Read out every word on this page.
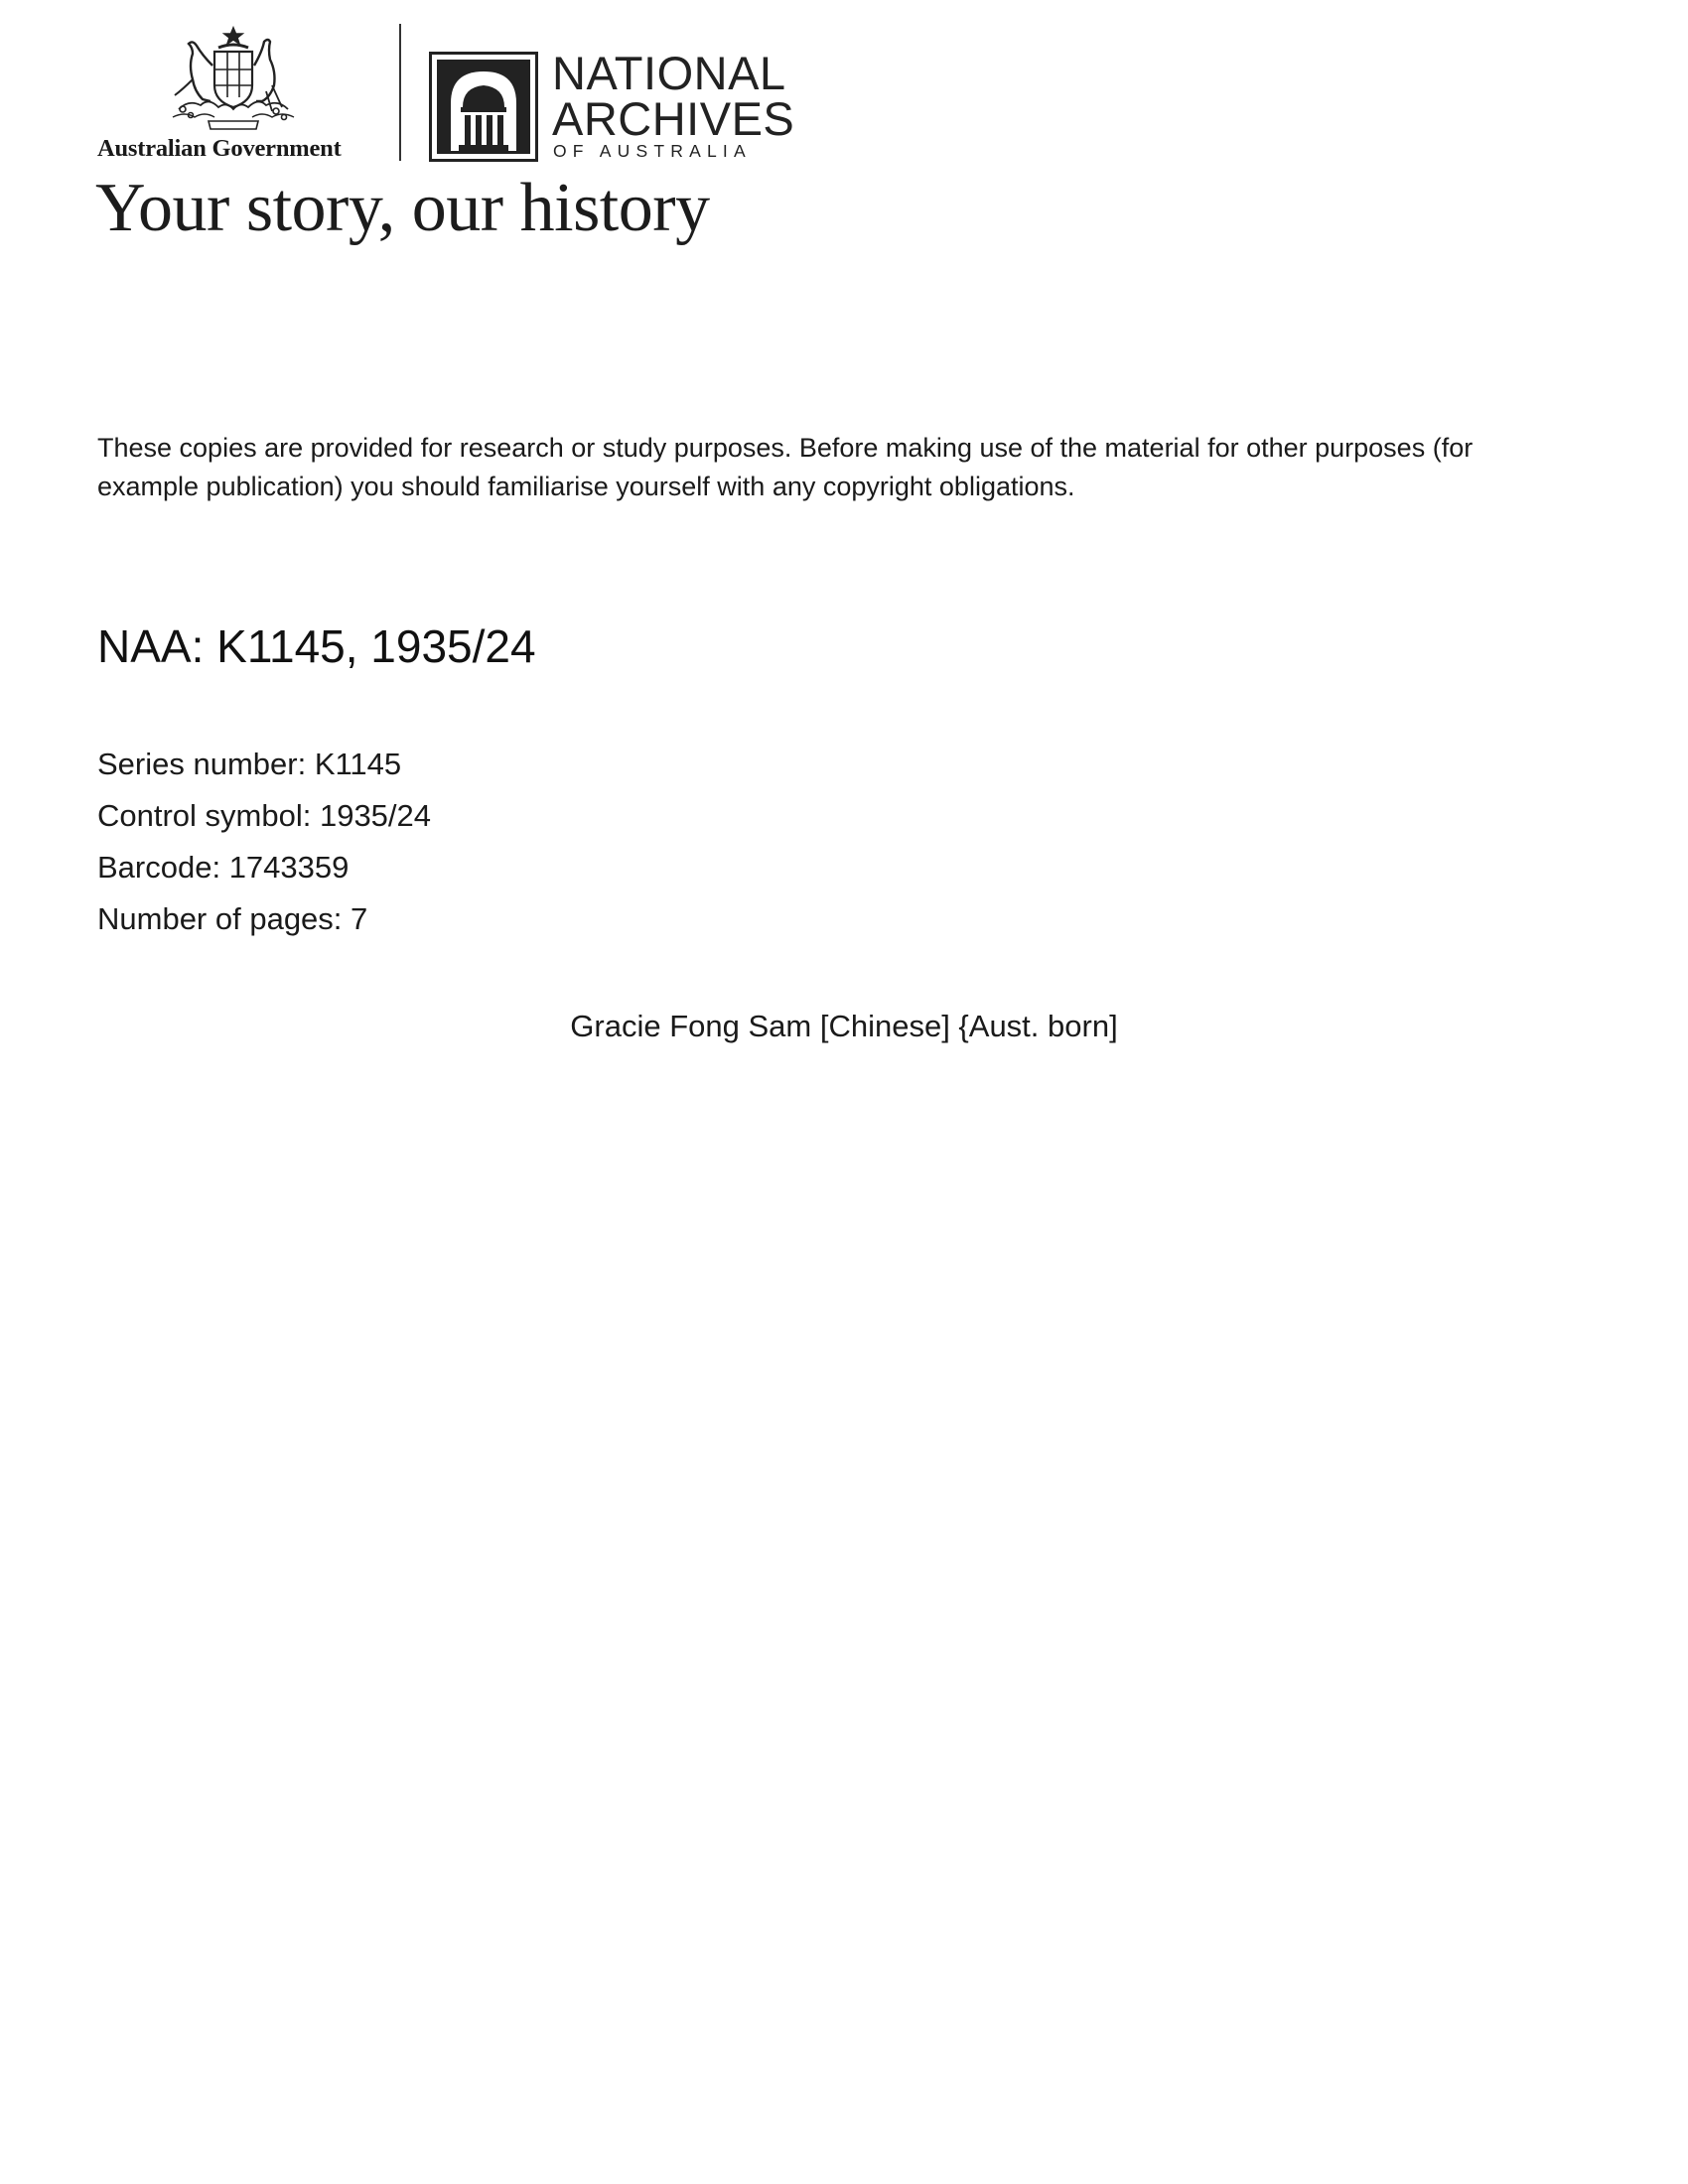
Australian Government
NATIONAL
ARCHIVES
OF AUSTRALIA
Your story, our history

These copies are provided for research or study purposes. Before making use of the material for other purposes (for
example publication) you should familiarise yourself with any copyright obligations.

NAA: K1145, 1935/24
Series number: K1145
Control symbol: 1935/24
Barcode: 1743359
Number of pages: 7
Gracie Fong Sam [Chinese] {Aust. born]
